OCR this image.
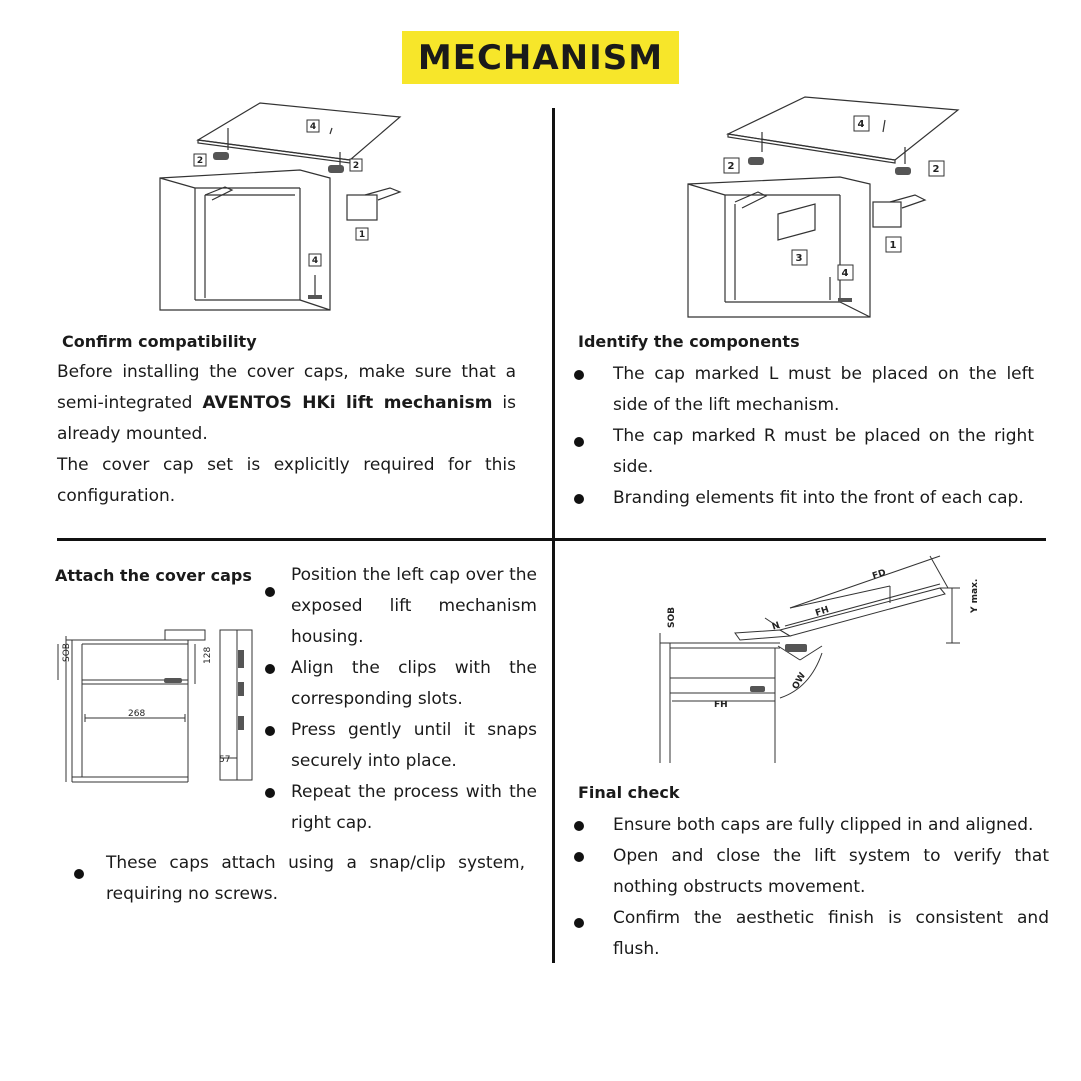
MECHANISM
4
2	2
1
4
Confirm compatibility
Before installing the cover caps, make sure that a semi-integrated AVENTOS HKi lift mechanism is already mounted.
The cover cap set is explicitly required for this configuration.
4
2	2
3
1
4
Identify the components
The cap marked L must be placed on the left side of the lift mechanism.
The cap marked R must be placed on the right side.
Branding elements fit into the front of each cap.
Attach the cover caps
SOB	128
268
57
Position the left cap over the exposed lift mechanism housing.
Align the clips with the corresponding slots.
Press gently until it snaps securely into place.
Repeat the process with the right cap.
These caps attach using a snap/clip system, requiring no screws.
SOB
FD
FH
N
Y max.
OW
FH
Final check
Ensure both caps are fully clipped in and aligned.
Open and close the lift system to verify that nothing obstructs movement.
Confirm the aesthetic finish is consistent and flush.
